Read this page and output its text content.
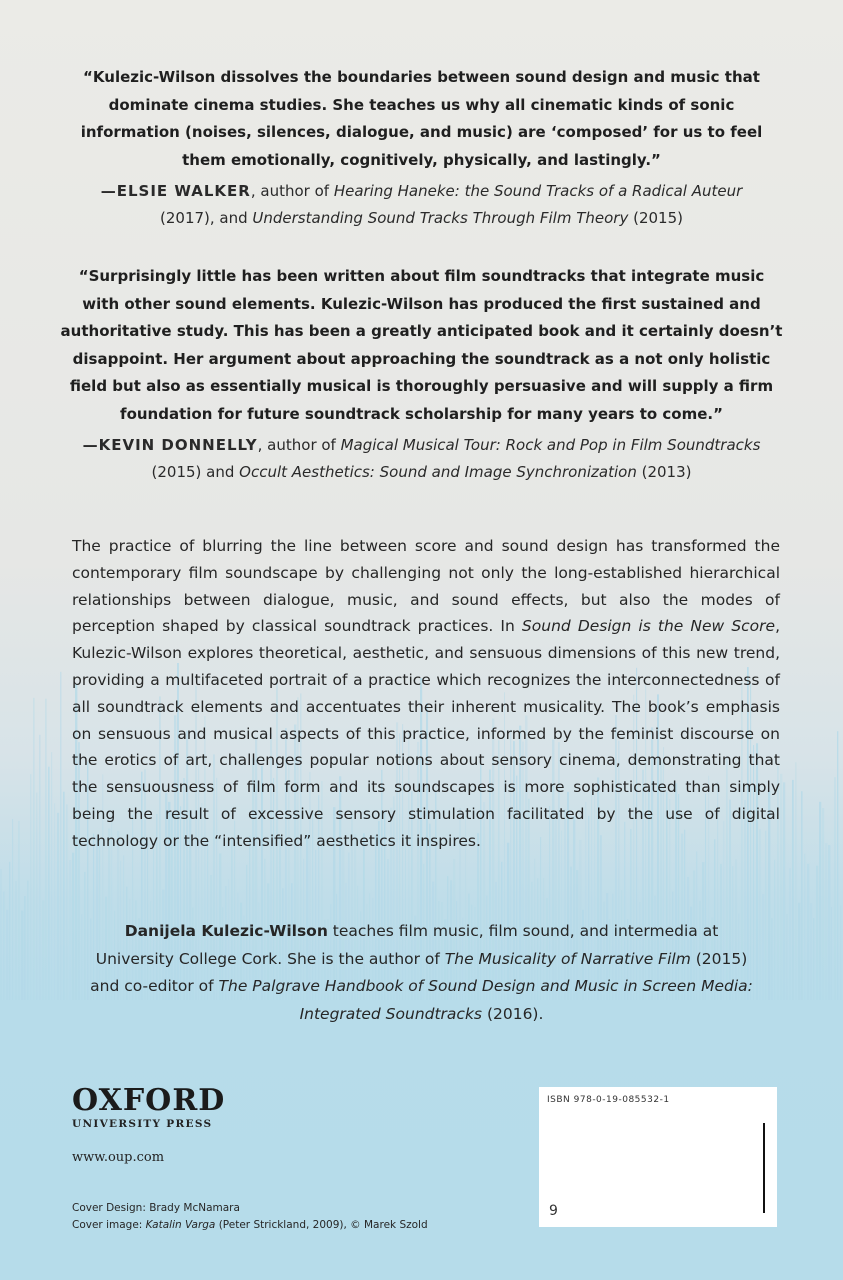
“Kulezic-Wilson dissolves the boundaries between sound design and music that dominate cinema studies. She teaches us why all cinematic kinds of sonic information (noises, silences, dialogue, and music) are ‘composed’ for us to feel them emotionally, cognitively, physically, and lastingly.”

—ELSIE WALKER, author of Hearing Haneke: the Sound Tracks of a Radical Auteur (2017), and Understanding Sound Tracks Through Film Theory (2015)

“Surprisingly little has been written about film soundtracks that integrate music with other sound elements. Kulezic-Wilson has produced the first sustained and authoritative study. This has been a greatly anticipated book and it certainly doesn’t disappoint. Her argument about approaching the soundtrack as a not only holistic field but also as essentially musical is thoroughly persuasive and will supply a firm foundation for future soundtrack scholarship for many years to come.”

—KEVIN DONNELLY, author of Magical Musical Tour: Rock and Pop in Film Soundtracks (2015) and Occult Aesthetics: Sound and Image Synchronization (2013)

The practice of blurring the line between score and sound design has transformed the contemporary film soundscape by challenging not only the long-established hierarchical relationships between dialogue, music, and sound effects, but also the modes of perception shaped by classical soundtrack practices. In Sound Design is the New Score, Kulezic-Wilson explores theoretical, aesthetic, and sensuous dimensions of this new trend, providing a multifaceted portrait of a practice which recognizes the interconnectedness of all soundtrack elements and accentuates their inherent musicality. The book’s emphasis on sensuous and musical aspects of this practice, informed by the feminist discourse on the erotics of art, challenges popular notions about sensory cinema, demonstrating that the sensuousness of film form and its soundscapes is more sophisticated than simply being the result of excessive sensory stimulation facilitated by the use of digital technology or the “intensified” aesthetics it inspires.

Danijela Kulezic-Wilson teaches film music, film sound, and intermedia at University College Cork. She is the author of The Musicality of Narrative Film (2015) and co-editor of The Palgrave Handbook of Sound Design and Music in Screen Media: Integrated Soundtracks (2016).

OXFORD
UNIVERSITY PRESS
www.oup.com
Cover Design: Brady McNamara
Cover image: Katalin Varga (Peter Strickland, 2009), © Marek Szold
ISBN 978-0-19-085532-1
9
